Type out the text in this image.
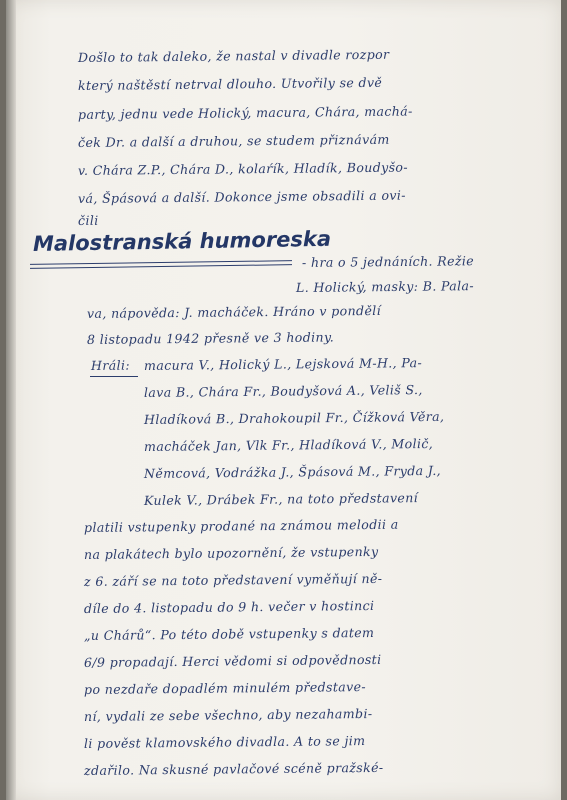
Došlo to tak daleko, že nastal v divadle rozpor

který naštěstí netrval dlouho. Utvořily se dvě

party, jednu vede Holický, macura, Chára, machá-

ček Dr. a další a druhou, se studem přiznávám

v. Chára Z.P., Chára D., kolaŕík, Hladík, Boudyšo-

vá, Špásová a další. Dokonce jsme obsadili a ovi-

čili

Malostranská humoreska

- hra o 5 jednáních. Režie

L. Holický, masky: B. Pala-

va, nápověda: J. macháček. Hráno v pondělí

8 listopadu 1942 přesně ve 3 hodiny.

Hráli: macura V., Holický L., Lejsková M-H., Pa-

lava B., Chára Fr., Boudyšová A., Veliš S.,

Hladíková B., Drahokoupil Fr., Čížková Věra,

macháček Jan, Vlk Fr., Hladíková V., Molič,

Němcová, Vodrážka J., Špásová M., Fryda J.,

Kulek V., Drábek Fr., na toto představení

platili vstupenky prodané na známou melodii a

na plakátech bylo upozornění, že vstupenky

z 6. září se na toto představení vyměňují ně-

díle do 4. listopadu do 9 h. večer v hostinci

„u Chárů“. Po této době vstupenky s datem

6/9 propadají. Herci vědomi si odpovědnosti

po nezdaře dopadlém minulém představe-

ní, vydali ze sebe všechno, aby nezahambi-

li pověst klamovského divadla. A to se jim

zdařilo. Na skusné pavlačové scéně pražské-
